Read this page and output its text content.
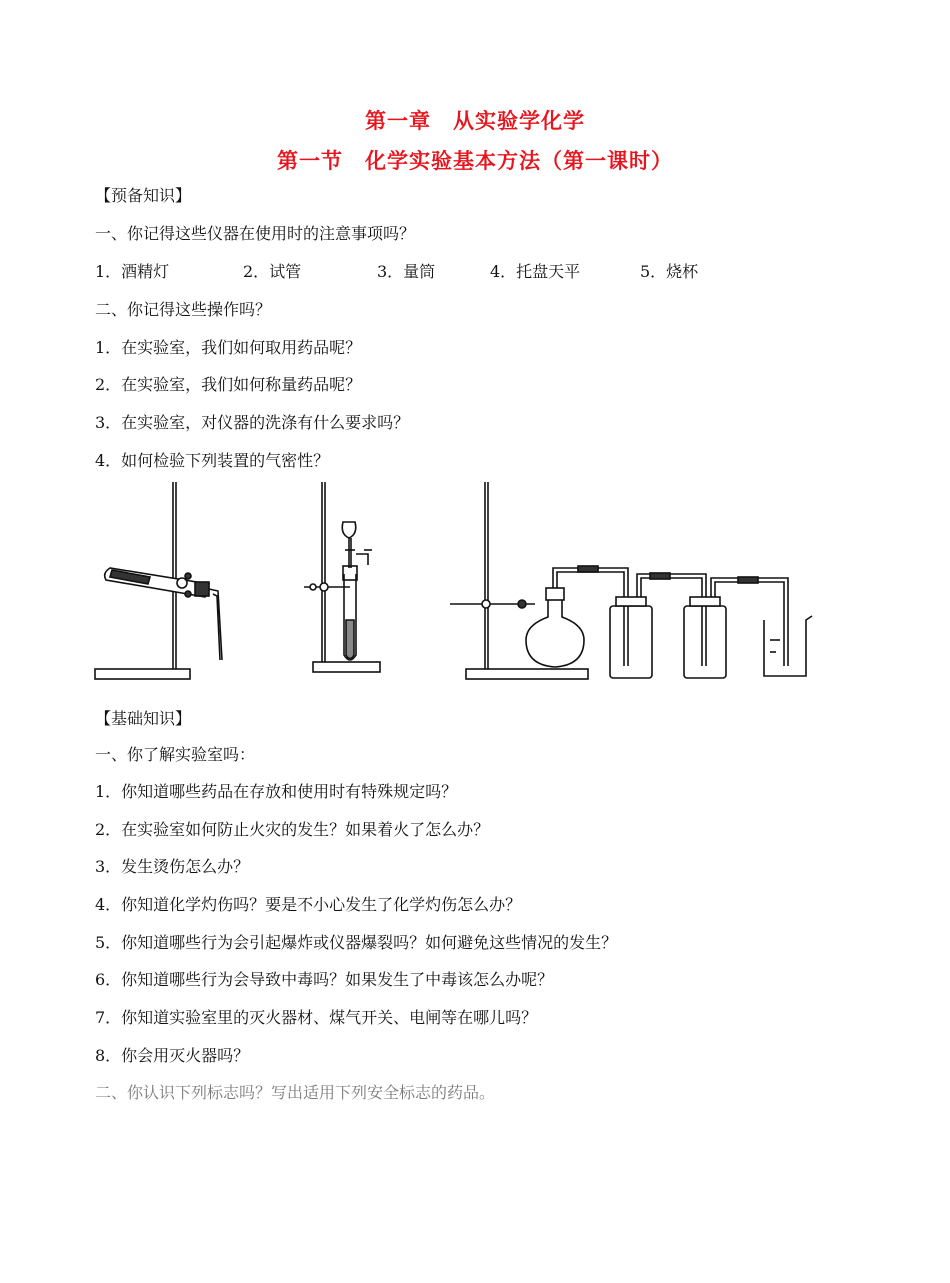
第一章　从实验学化学
第一节　化学实验基本方法（第一课时）
【预备知识】
一、你记得这些仪器在使用时的注意事项吗？

1．酒精灯

	2．试管

	3．量筒

	4．托盘天平

	5．烧杯

二、你记得这些操作吗？
1．在实验室，我们如何取用药品呢？
2．在实验室，我们如何称量药品呢？
3．在实验室，对仪器的洗涤有什么要求吗？
4．如何检验下列装置的气密性？
【基础知识】
一、你了解实验室吗：
1．你知道哪些药品在存放和使用时有特殊规定吗？
2．在实验室如何防止火灾的发生？如果着火了怎么办？
3．发生烫伤怎么办？
4．你知道化学灼伤吗？要是不小心发生了化学灼伤怎么办？
5．你知道哪些行为会引起爆炸或仪器爆裂吗？如何避免这些情况的发生？
6．你知道哪些行为会导致中毒吗？如果发生了中毒该怎么办呢？
7．你知道实验室里的灭火器材、煤气开关、电闸等在哪儿吗？
8．你会用灭火器吗？
二、你认识下列标志吗？写出适用下列安全标志的药品。
